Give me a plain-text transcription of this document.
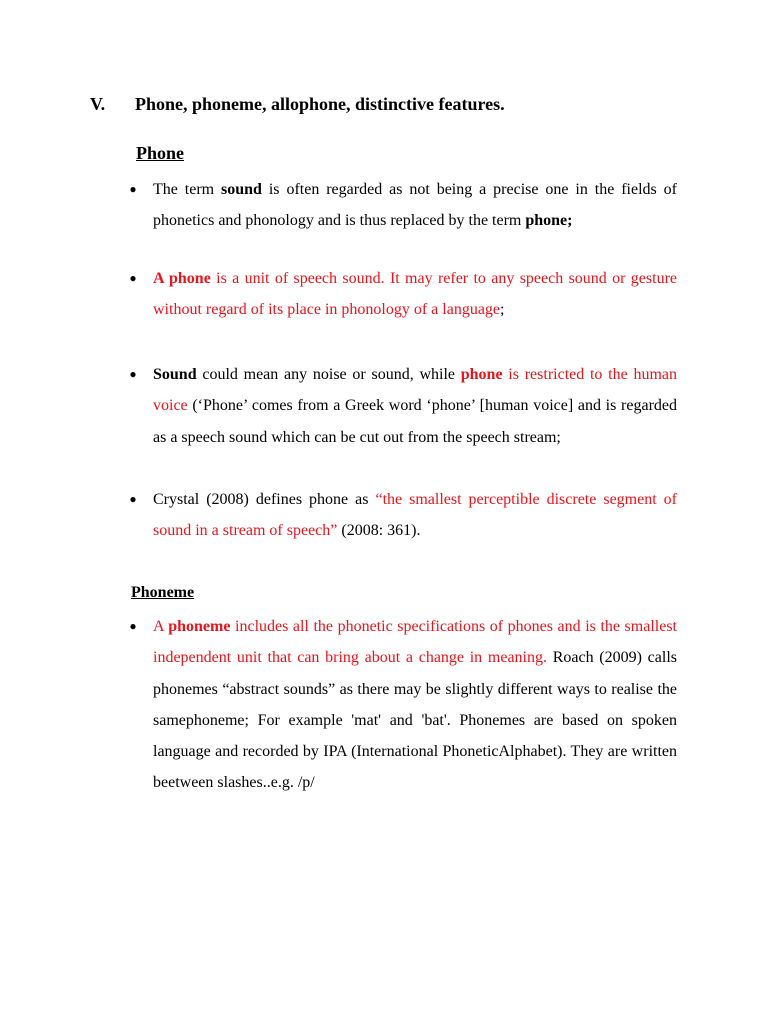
V. Phone, phoneme, allophone, distinctive features.
Phone

● The term sound is often regarded as not being a precise one in the fields of phonetics and phonology and is thus replaced by the term phone;

● A phone is a unit of speech sound. It may refer to any speech sound or gesture without regard of its place in phonology of a language;

● Sound could mean any noise or sound, while phone is restricted to the human voice (‘Phone’ comes from a Greek word ‘phone’ [human voice] and is regarded as a speech sound which can be cut out from the speech stream;

● Crystal (2008) defines phone as “the smallest perceptible discrete segment of sound in a stream of speech” (2008: 361).

Phoneme

● A phoneme includes all the phonetic specifications of phones and is the smallest independent unit that can bring about a change in meaning. Roach (2009) calls phonemes “abstract sounds” as there may be slightly different ways to realise the samephoneme; For example 'mat' and 'bat'. Phonemes are based on spoken language and recorded by IPA (International PhoneticAlphabet). They are written beetween slashes..e.g. /p/
